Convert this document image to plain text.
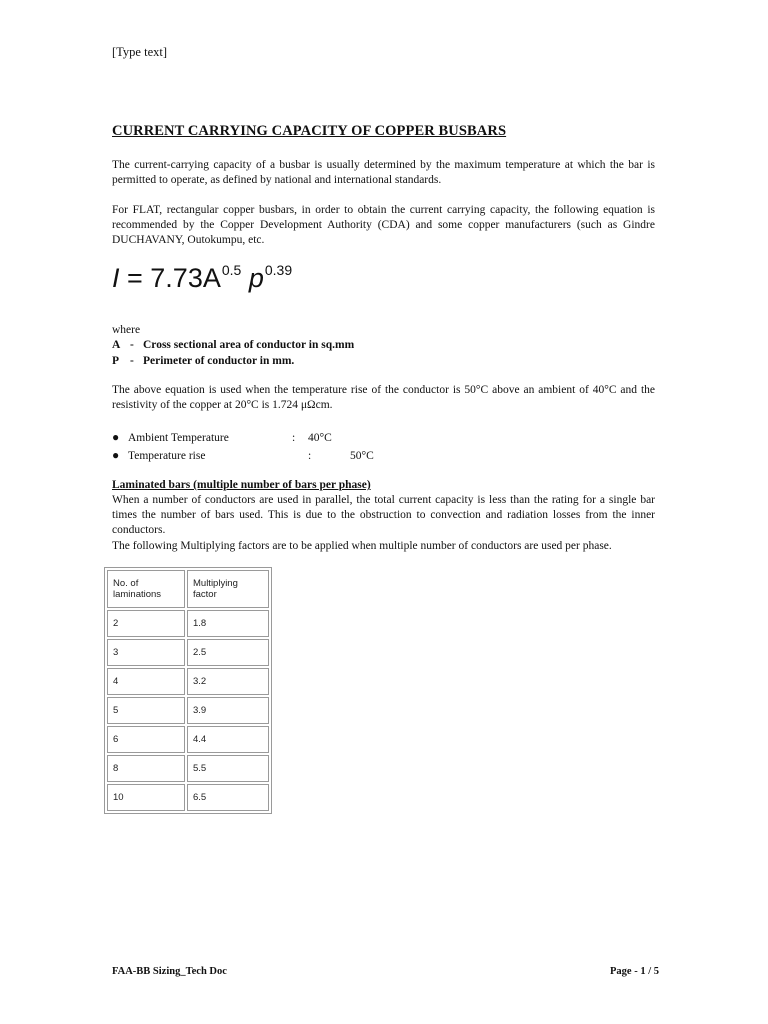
[Type text]
CURRENT CARRYING CAPACITY OF COPPER BUSBARS
The current-carrying capacity of a busbar is usually determined by the maximum temperature at which the bar is permitted to operate, as defined by national and international standards.
For FLAT, rectangular copper busbars, in order to obtain the current carrying capacity, the following equation is recommended by the Copper Development Authority (CDA) and some copper manufacturers (such as Gindre DUCHAVANY, Outokumpu, etc.
$I = 7.73A^{0.5}$ $p^{0.39}$
where
A - Cross sectional area of conductor in sq.mm
P - Perimeter of conductor in mm.
The above equation is used when the temperature rise of the conductor is 50°C above an ambient of 40°C and the resistivity of the copper at 20°C is 1.724 μΩcm.
● Ambient Temperature	: 40°C
● Temperature rise	:	50°C
Laminated bars (multiple number of bars per phase)
When a number of conductors are used in parallel, the total current capacity is less than the rating for a single bar times the number of bars used. This is due to the obstruction to convection and radiation losses from the inner conductors.
The following Multiplying factors are to be applied when multiple number of conductors are used per phase.
No. of laminations	Multiplying factor
2	1.8
3	2.5
4	3.2
5	3.9
6	4.4
8	5.5
10	6.5
FAA-BB Sizing_Tech Doc	Page - 1 / 5
